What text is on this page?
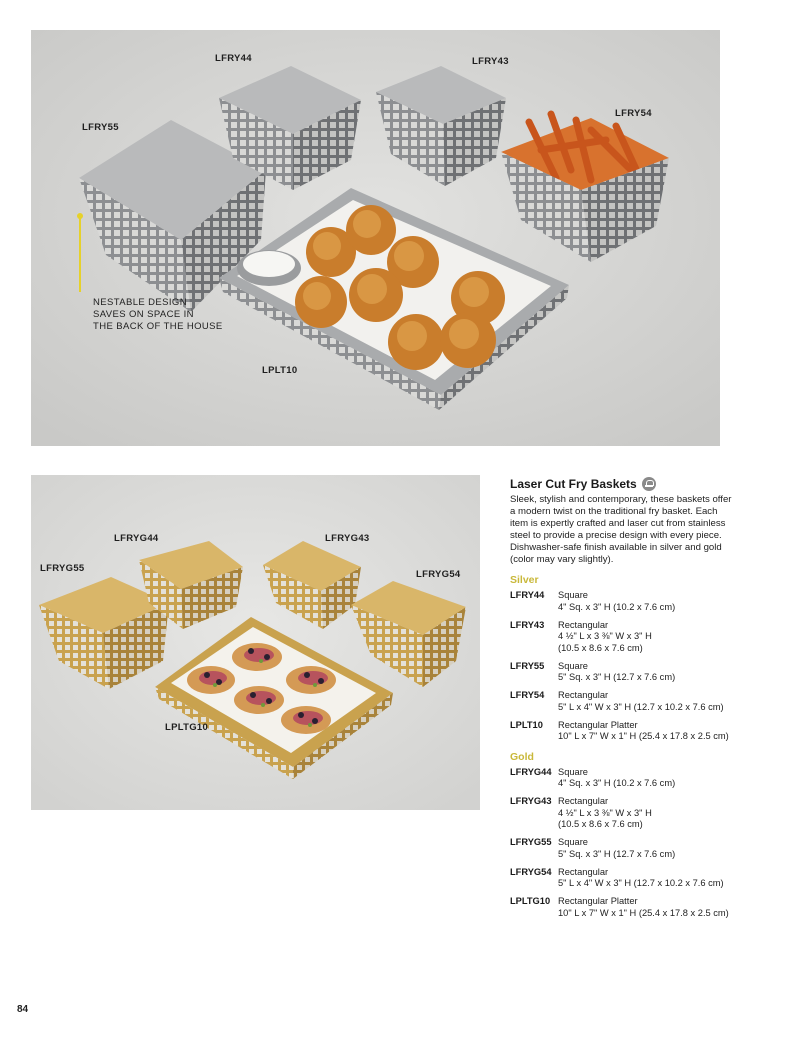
LFRY44	LFRY43
LFRY55
LFRY54
LPLT10
NESTABLE DESIGN
SAVES ON SPACE IN
THE BACK OF THE HOUSE
LFRYG44	LFRYG43
LFRYG55
LFRYG54
LPLTG10
Laser Cut Fry Baskets
Sleek, stylish and contemporary, these baskets offer a modern twist on the traditional fry basket. Each item is expertly crafted and laser cut from stainless steel to provide a precise design with every piece. Dishwasher-safe finish available in silver and gold (color may vary slightly).
Silver
LFRY44	Square
4" Sq. x 3" H (10.2 x 7.6 cm)
LFRY43	Rectangular
4 ½" L x 3 ⅜" W x 3" H
(10.5 x 8.6 x 7.6 cm)
LFRY55	Square
5" Sq. x 3" H (12.7 x 7.6 cm)
LFRY54	Rectangular
5" L x 4" W x 3" H (12.7 x 10.2 x 7.6 cm)
LPLT10	Rectangular Platter
10" L x 7" W x 1" H (25.4 x 17.8 x 2.5 cm)
Gold
LFRYG44 Square
4" Sq. x 3" H (10.2 x 7.6 cm)
LFRYG43 Rectangular
4 ½" L x 3 ⅜" W x 3" H
(10.5 x 8.6 x 7.6 cm)
LFRYG55 Square
5" Sq. x 3" H (12.7 x 7.6 cm)
LFRYG54 Rectangular
5" L x 4" W x 3" H (12.7 x 10.2 x 7.6 cm)
LPLTG10 Rectangular Platter
10" L x 7" W x 1" H (25.4 x 17.8 x 2.5 cm)
84
